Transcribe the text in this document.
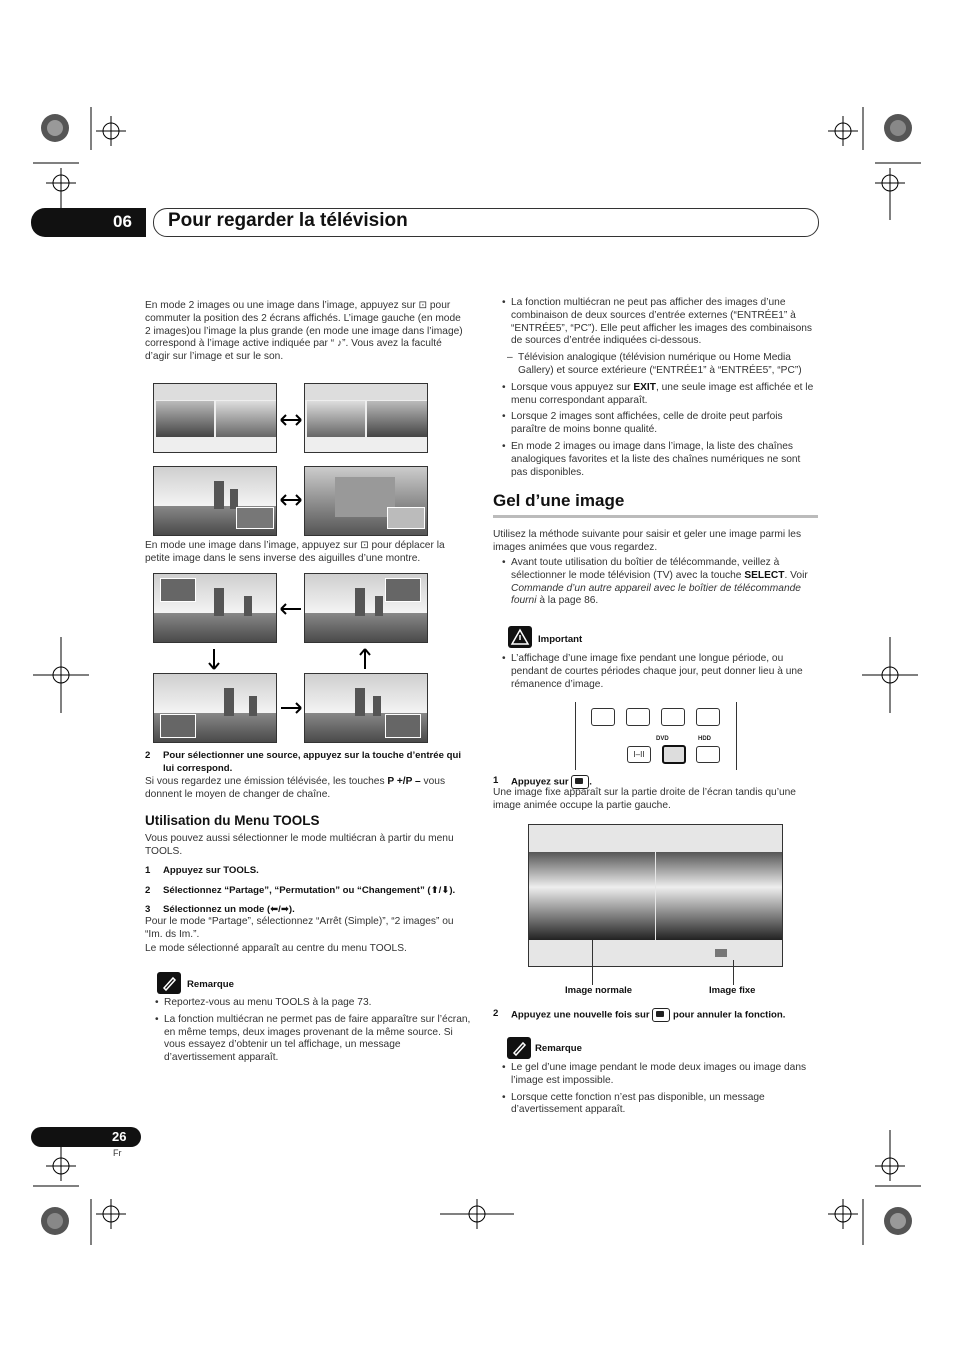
06 Pour regarder la télévision
En mode 2 images ou une image dans l’image, appuyez sur ⊡ pour commuter la position des 2 écrans affichés. L’image gauche (en mode 2 images)ou l’image la plus grande (en mode une image dans l’image) correspond à l’image active indiquée par “ ♪”. Vous avez la faculté d’agir sur l’image et sur le son.
En mode une image dans l’image, appuyez sur ⊡ pour déplacer la petite image dans le sens inverse des aiguilles d’une montre.
2 Pour sélectionner une source, appuyez sur la touche d’entrée qui lui correspond.
Si vous regardez une émission télévisée, les touches P +/P – vous donnent le moyen de changer de chaîne.
Utilisation du Menu TOOLS
Vous pouvez aussi sélectionner le mode multiécran à partir du menu TOOLS.
1 Appuyez sur TOOLS.
2 Sélectionnez “Partage”, “Permutation” ou “Changement” (⬆/⬇).
3 Sélectionnez un mode (⬅/➡).
Pour le mode “Partage”, sélectionnez “Arrêt (Simple)”, “2 images” ou “Im. ds Im.”.
Le mode sélectionné apparaît au centre du menu TOOLS.
Remarque
• Reportez-vous au menu TOOLS à la page 73.
• La fonction multiécran ne permet pas de faire apparaître sur l’écran, en même temps, deux images provenant de la même source. Si vous essayez d’obtenir un tel affichage, un message d’avertissement apparaît.
• La fonction multiécran ne peut pas afficher des images d’une combinaison de deux sources d’entrée externes (“ENTRÉE1” à “ENTRÉE5”, “PC”). Elle peut afficher les images des combinaisons de sources d’entrée indiquées ci-dessous.
– Télévision analogique (télévision numérique ou Home Media Gallery) et source extérieure (“ENTRÉE1” à “ENTRÉE5”, “PC”)
• Lorsque vous appuyez sur EXIT, une seule image est affichée et le menu correspondant apparaît.
• Lorsque 2 images sont affichées, celle de droite peut parfois paraître de moins bonne qualité.
• En mode 2 images ou image dans l’image, la liste des chaînes analogiques favorites et la liste des chaînes numériques ne sont pas disponibles.
Gel d’une image
Utilisez la méthode suivante pour saisir et geler une image parmi les images animées que vous regardez.
• Avant toute utilisation du boîtier de télécommande, veillez à sélectionner le mode télévision (TV) avec la touche SELECT. Voir Commande d’un autre appareil avec le boîtier de télécommande fourni à la page 86.
Important
• L’affichage d’une image fixe pendant une longue période, ou pendant de courtes périodes chaque jour, peut donner lieu à une rémanence d’image.
I–II
DVD	HDD
1 Appuyez sur .
Une image fixe apparaît sur la partie droite de l’écran tandis qu’une image animée occupe la partie gauche.
Image normale	Image fixe
2 Appuyez une nouvelle fois sur pour annuler la fonction.
Remarque
• Le gel d’une image pendant le mode deux images ou image dans l’image est impossible.
• Lorsque cette fonction n’est pas disponible, un message d’avertissement apparaît.
26
Fr
